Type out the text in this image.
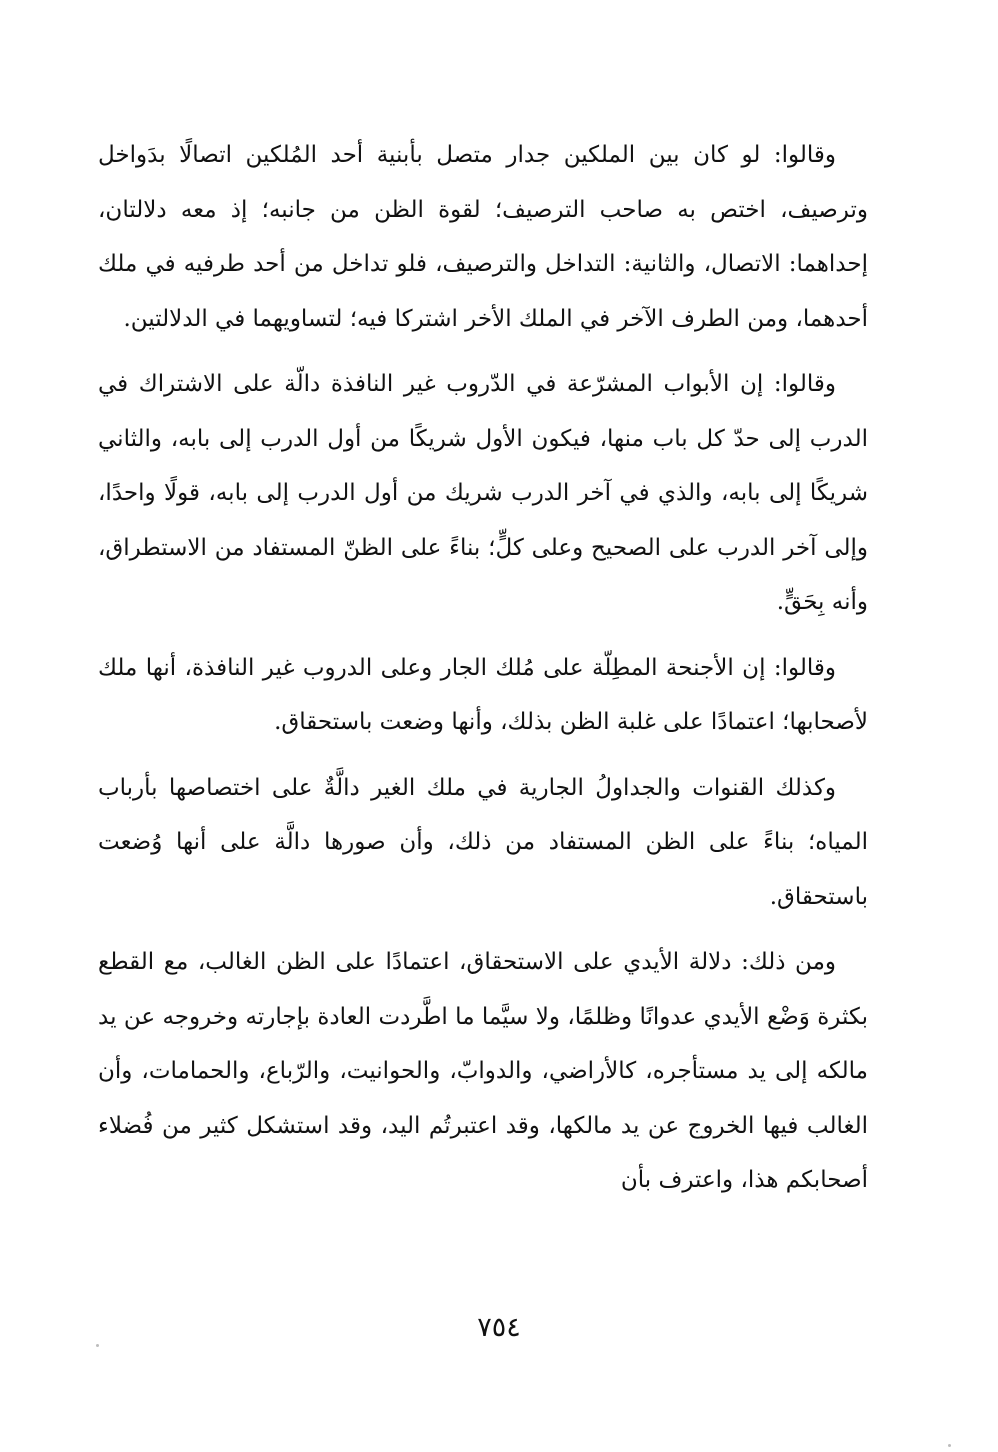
وقالوا: لو كان بين الملكين جدار متصل بأبنية أحد المُلكين اتصالًا بدَواخل وترصيف، اختص به صاحب الترصيف؛ لقوة الظن من جانبه؛ إذ معه دلالتان، إحداهما: الاتصال، والثانية: التداخل والترصيف، فلو تداخل من أحد طرفيه في ملك أحدهما، ومن الطرف الآخر في الملك الأخر اشتركا فيه؛ لتساويهما في الدلالتين.

وقالوا: إن الأبواب المشرّعة في الدّروب غير النافذة دالّة على الاشتراك في الدرب إلى حدّ كل باب منها، فيكون الأول شريكًا من أول الدرب إلى بابه، والثاني شريكًا إلى بابه، والذي في آخر الدرب شريك من أول الدرب إلى بابه، قولًا واحدًا، وإلى آخر الدرب على الصحيح وعلى كلٍّ؛ بناءً على الظنّ المستفاد من الاستطراق، وأنه بِحَقٍّ.

وقالوا: إن الأجنحة المطِلّة على مُلك الجار وعلى الدروب غير النافذة، أنها ملك لأصحابها؛ اعتمادًا على غلبة الظن بذلك، وأنها وضعت باستحقاق.

وكذلك القنوات والجداولُ الجارية في ملك الغير دالَّةٌ على اختصاصها بأرباب المياه؛ بناءً على الظن المستفاد من ذلك، وأن صورها دالَّة على أنها وُضعت باستحقاق.

ومن ذلك: دلالة الأيدي على الاستحقاق، اعتمادًا على الظن الغالب، مع القطع بكثرة وَضْع الأيدي عدوانًا وظلمًا، ولا سيَّما ما اطَّردت العادة بإجارته وخروجه عن يد مالكه إلى يد مستأجره، كالأراضي، والدوابّ، والحوانيت، والرّباع، والحمامات، وأن الغالب فيها الخروج عن يد مالكها، وقد اعتبرتُم اليد، وقد استشكل كثير من فُضلاء أصحابكم هذا، واعترف بأن

٧٥٤
